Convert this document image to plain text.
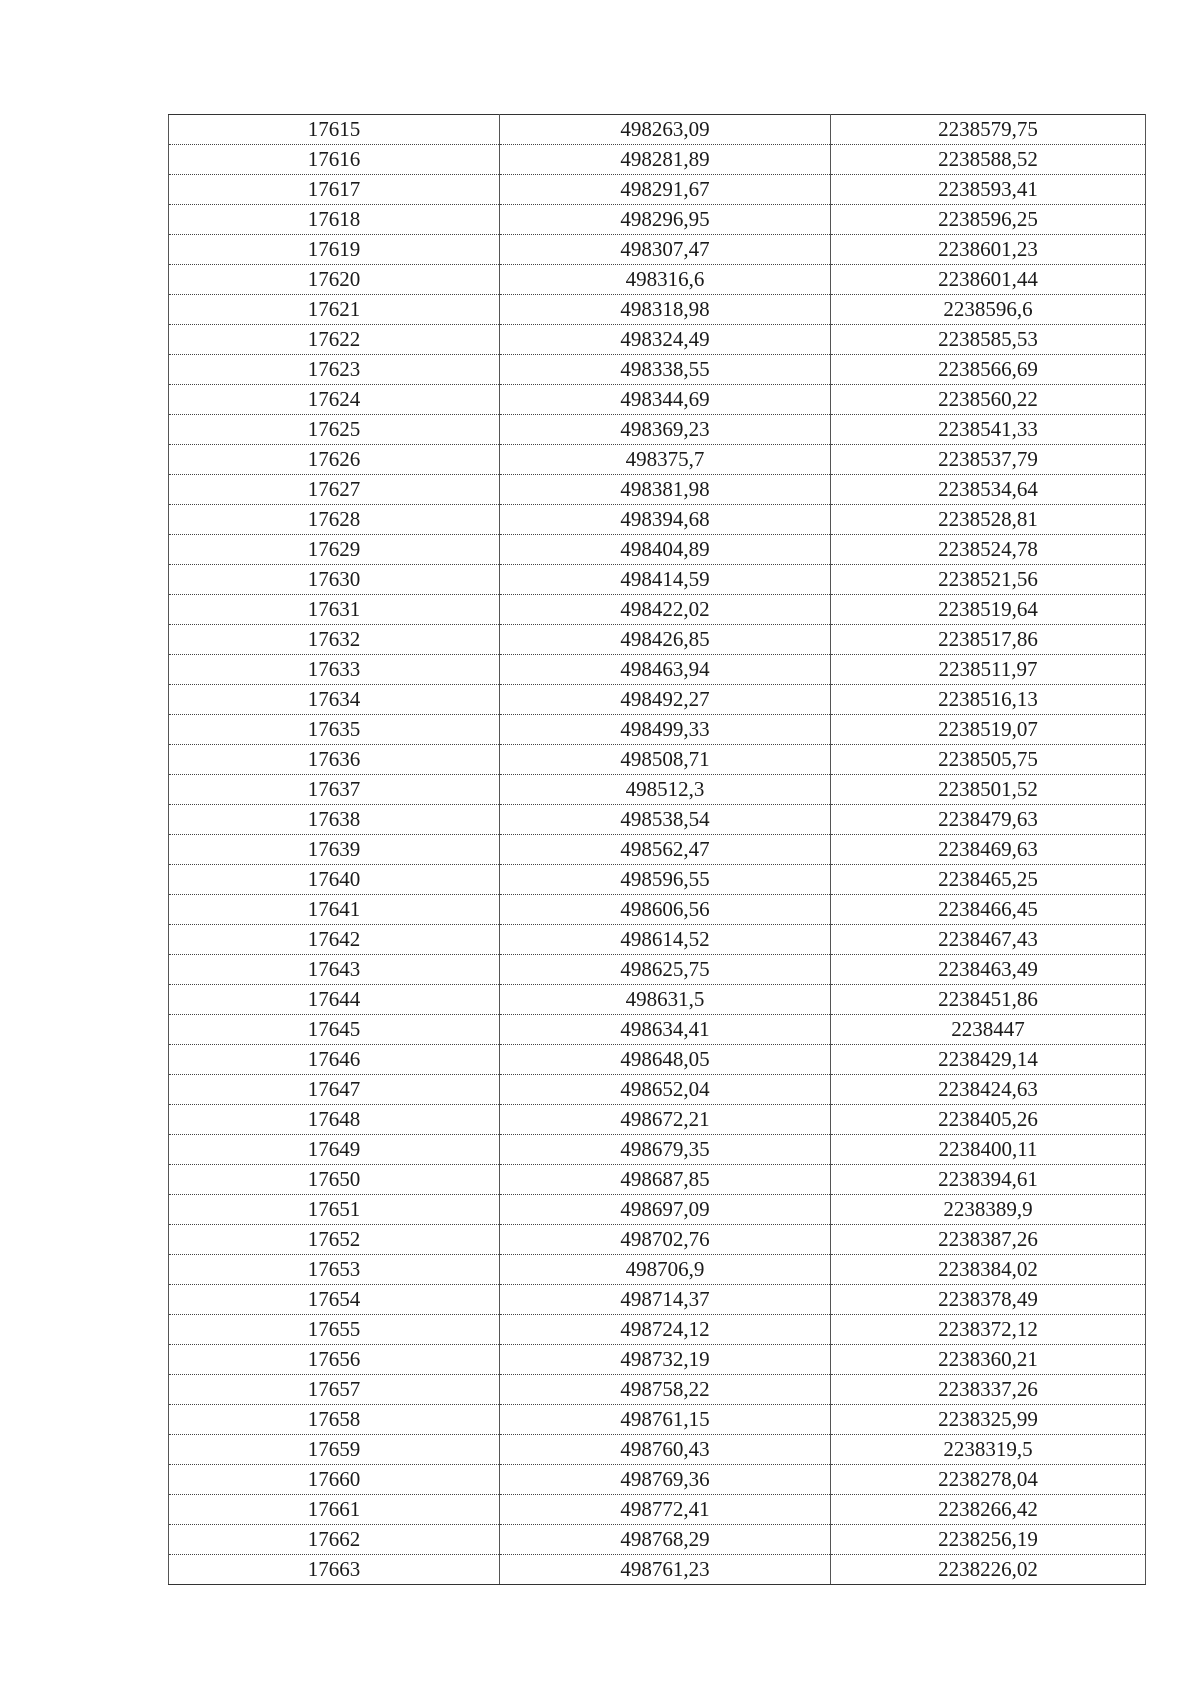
17615	498263,09	2238579,75
17616	498281,89	2238588,52
17617	498291,67	2238593,41
17618	498296,95	2238596,25
17619	498307,47	2238601,23
17620	498316,6	2238601,44
17621	498318,98	2238596,6
17622	498324,49	2238585,53
17623	498338,55	2238566,69
17624	498344,69	2238560,22
17625	498369,23	2238541,33
17626	498375,7	2238537,79
17627	498381,98	2238534,64
17628	498394,68	2238528,81
17629	498404,89	2238524,78
17630	498414,59	2238521,56
17631	498422,02	2238519,64
17632	498426,85	2238517,86
17633	498463,94	2238511,97
17634	498492,27	2238516,13
17635	498499,33	2238519,07
17636	498508,71	2238505,75
17637	498512,3	2238501,52
17638	498538,54	2238479,63
17639	498562,47	2238469,63
17640	498596,55	2238465,25
17641	498606,56	2238466,45
17642	498614,52	2238467,43
17643	498625,75	2238463,49
17644	498631,5	2238451,86
17645	498634,41	2238447
17646	498648,05	2238429,14
17647	498652,04	2238424,63
17648	498672,21	2238405,26
17649	498679,35	2238400,11
17650	498687,85	2238394,61
17651	498697,09	2238389,9
17652	498702,76	2238387,26
17653	498706,9	2238384,02
17654	498714,37	2238378,49
17655	498724,12	2238372,12
17656	498732,19	2238360,21
17657	498758,22	2238337,26
17658	498761,15	2238325,99
17659	498760,43	2238319,5
17660	498769,36	2238278,04
17661	498772,41	2238266,42
17662	498768,29	2238256,19
17663	498761,23	2238226,02
